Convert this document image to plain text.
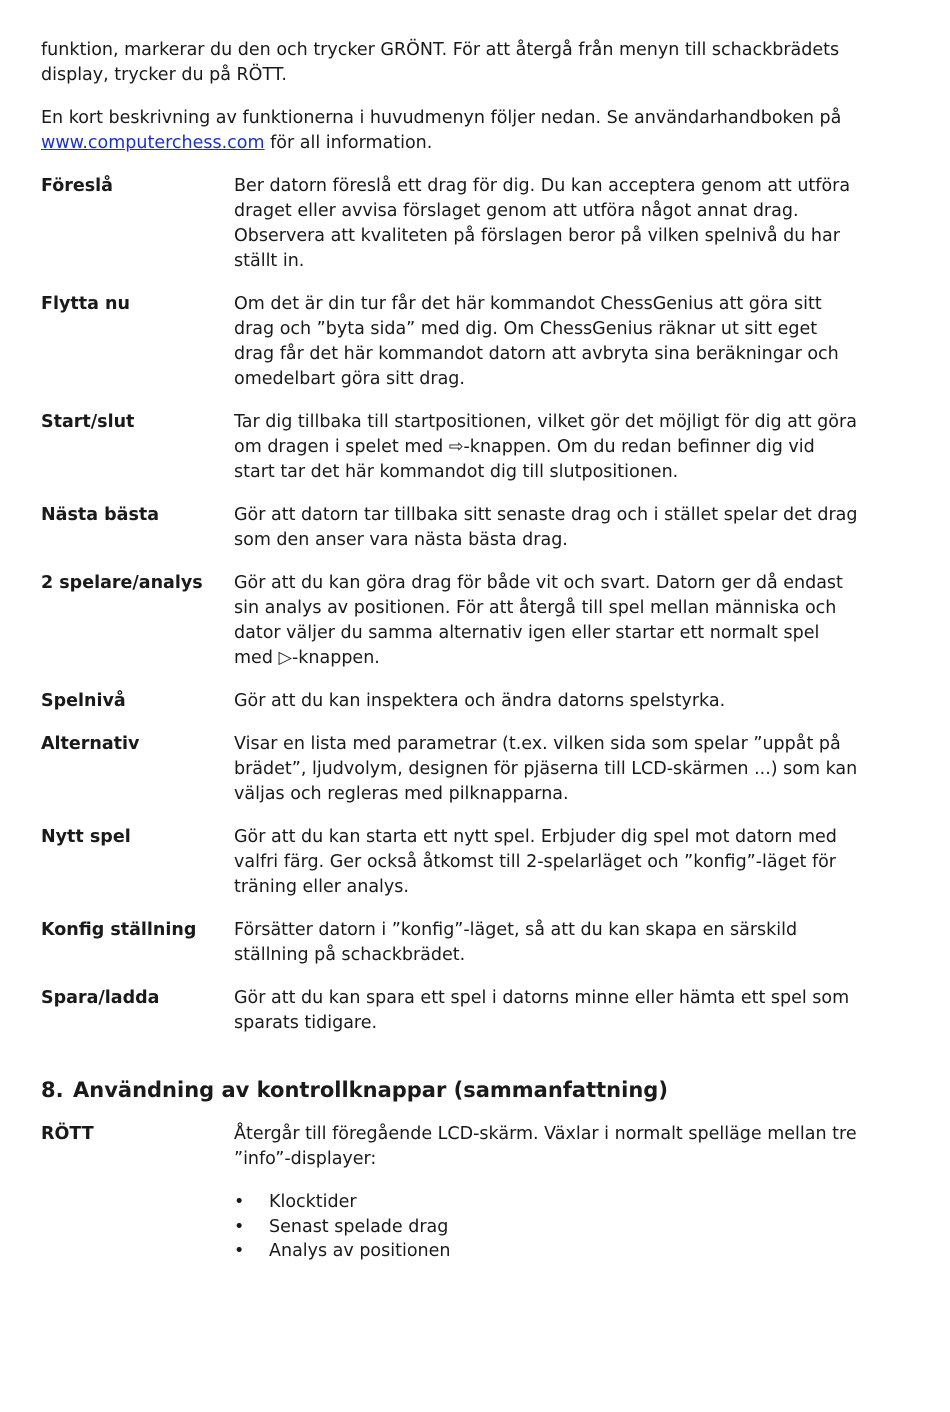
funktion, markerar du den och trycker GRÖNT. För att återgå från menyn till schackbrädets display, trycker du på RÖTT.

En kort beskrivning av funktionerna i huvudmenyn följer nedan. Se användarhandboken på www.computerchess.com för all information.

Föreslå	Ber datorn föreslå ett drag för dig. Du kan acceptera genom att utföra draget eller avvisa förslaget genom att utföra något annat drag. Observera att kvaliteten på förslagen beror på vilken spelnivå du har ställt in.
Flytta nu	Om det är din tur får det här kommandot ChessGenius att göra sitt drag och ”byta sida” med dig. Om ChessGenius räknar ut sitt eget drag får det här kommandot datorn att avbryta sina beräkningar och omedelbart göra sitt drag.
Start/slut	Tar dig tillbaka till startpositionen, vilket gör det möjligt för dig att göra om dragen i spelet med ⇨-knappen. Om du redan befinner dig vid start tar det här kommandot dig till slutpositionen.
Nästa bästa	Gör att datorn tar tillbaka sitt senaste drag och i stället spelar det drag som den anser vara nästa bästa drag.
2 spelare/analys	Gör att du kan göra drag för både vit och svart. Datorn ger då endast sin analys av positionen. För att återgå till spel mellan människa och dator väljer du samma alternativ igen eller startar ett normalt spel med ▷-knappen.
Spelnivå	Gör att du kan inspektera och ändra datorns spelstyrka.
Alternativ	Visar en lista med parametrar (t.ex. vilken sida som spelar ”uppåt på brädet”, ljudvolym, designen för pjäserna till LCD-skärmen ...) som kan väljas och regleras med pilknapparna.
Nytt spel	Gör att du kan starta ett nytt spel. Erbjuder dig spel mot datorn med valfri färg. Ger också åtkomst till 2-spelarläget och ”konfig”-läget för träning eller analys.
Konfig ställning	Försätter datorn i ”konfig”-läget, så att du kan skapa en särskild ställning på schackbrädet.
Spara/ladda	Gör att du kan spara ett spel i datorns minne eller hämta ett spel som sparats tidigare.
8. Användning av kontrollknappar (sammanfattning)
RÖTT	Återgår till föregående LCD-skärm. Växlar i normalt spelläge mellan tre ”info”-displayer:
•	Klocktider
•	Senast spelade drag
•	Analys av positionen
